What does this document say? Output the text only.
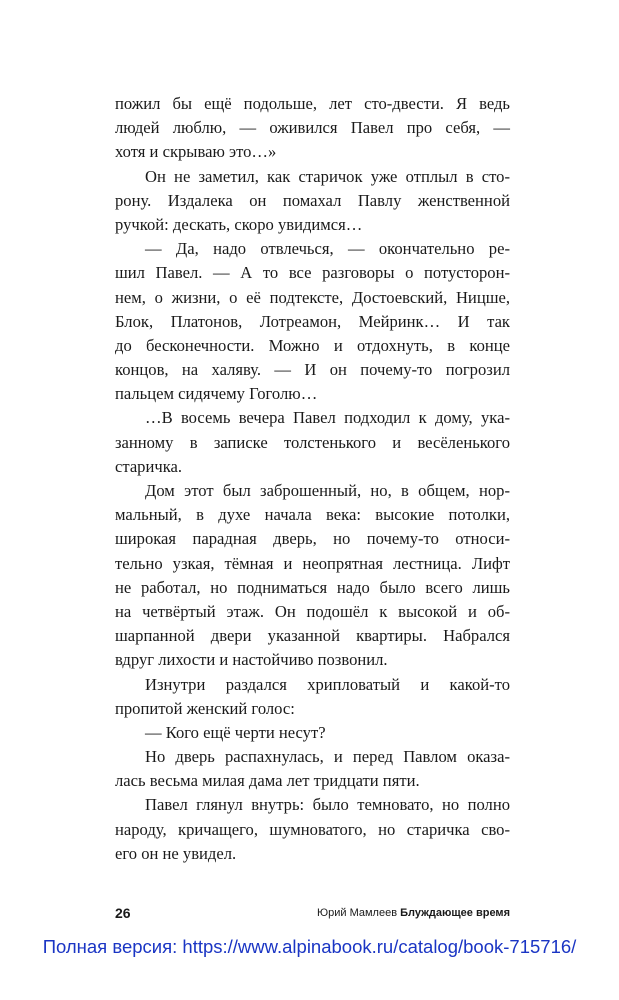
пожил бы ещё подольше, лет сто-двести. Я ведь
людей люблю, — оживился Павел про себя, —
хотя и скрываю это…»
Он не заметил, как старичок уже отплыл в сто-
рону. Издалека он помахал Павлу женственной
ручкой: дескать, скоро увидимся…
— Да, надо отвлечься, — окончательно ре-
шил Павел. — А то все разговоры о потусторон-
нем, о жизни, о её подтексте, Достоевский, Ницше,
Блок, Платонов, Лотреамон, Мейринк… И так
до бесконечности. Можно и отдохнуть, в конце
концов, на халяву. — И он почему-то погрозил
пальцем сидячему Гоголю…
…В восемь вечера Павел подходил к дому, ука-
занному в записке толстенького и весёленького
старичка.
Дом этот был заброшенный, но, в общем, нор-
мальный, в духе начала века: высокие потолки,
широкая парадная дверь, но почему-то относи-
тельно узкая, тёмная и неопрятная лестница. Лифт
не работал, но подниматься надо было всего лишь
на четвёртый этаж. Он подошёл к высокой и об-
шарпанной двери указанной квартиры. Набрался
вдруг лихости и настойчиво позвонил.
Изнутри раздался хрипловатый и какой-то
пропитой женский голос:
— Кого ещё черти несут?
Но дверь распахнулась, и перед Павлом оказа-
лась весьма милая дама лет тридцати пяти.
Павел глянул внутрь: было темновато, но полно
народу, кричащего, шумноватого, но старичка сво-
его он не увидел.
26	Юрий Мамлеев Блуждающее время
Полная версия: https://www.alpinabook.ru/catalog/book-715716/
